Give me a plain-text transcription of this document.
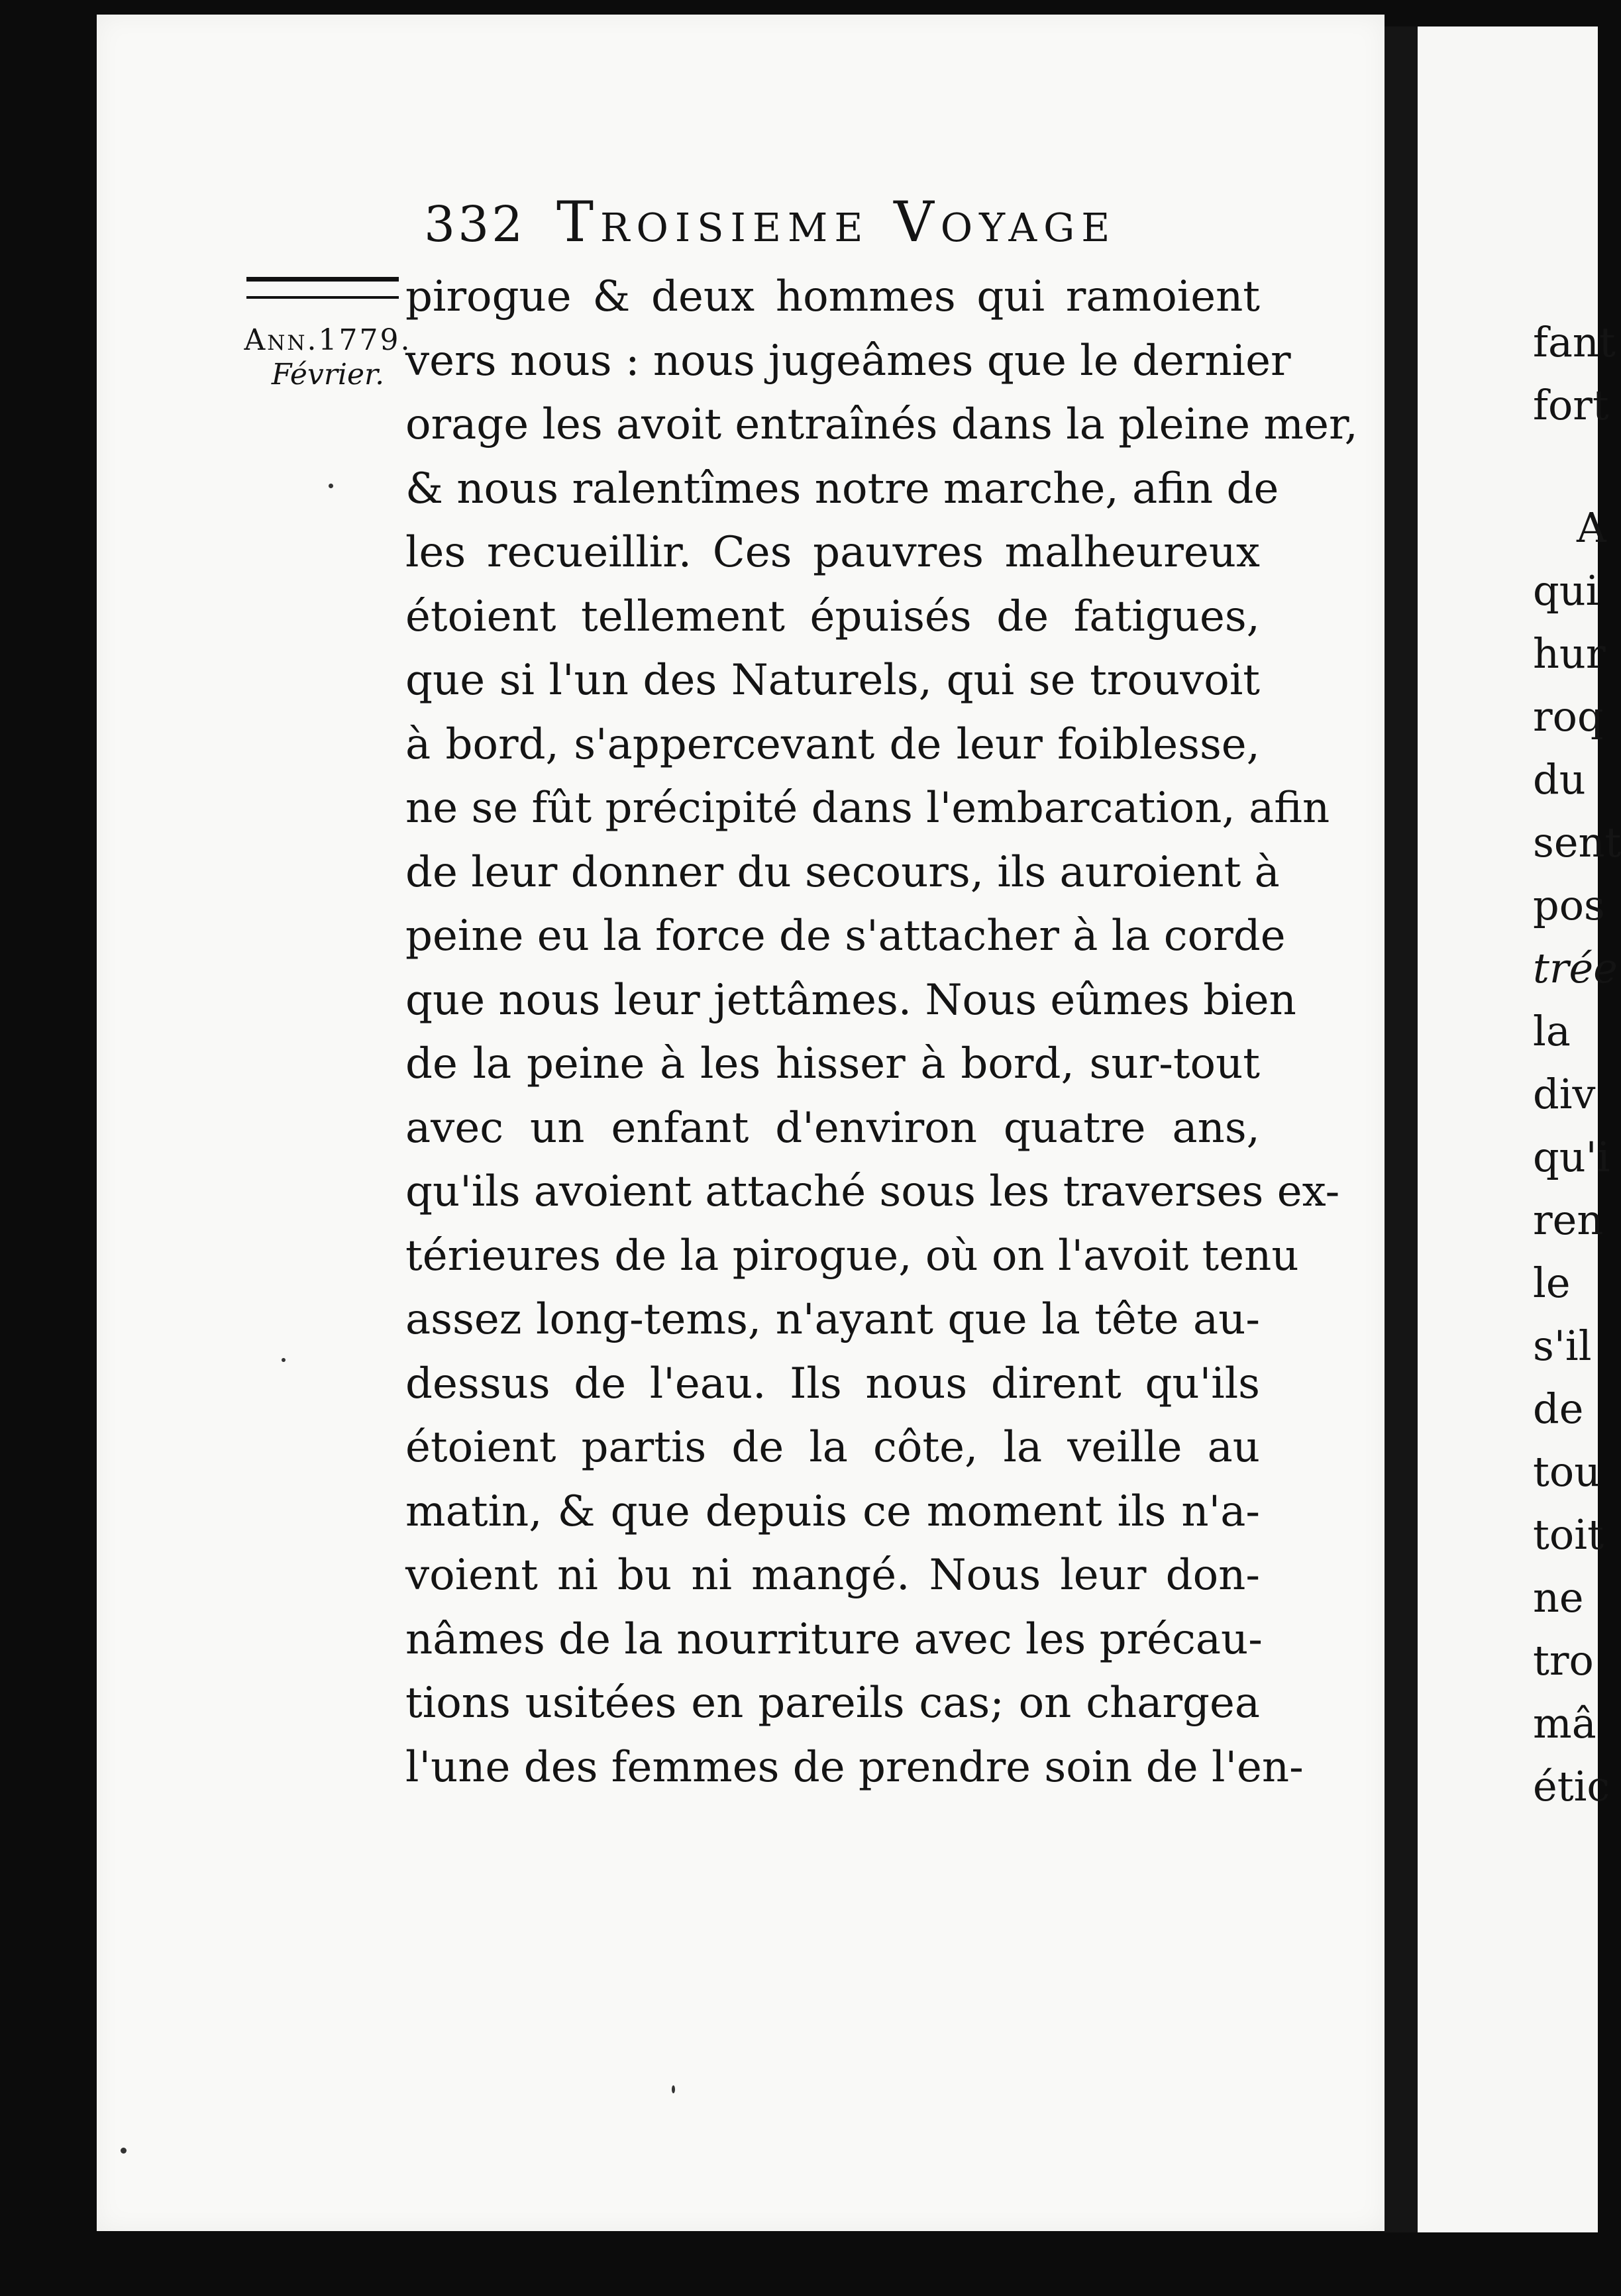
332 Troisieme Voyage
Ann.1779.
Février.
pirogue & deux hommes qui ramoient
vers nous : nous jugeâmes que le dernier
orage les avoit entraînés dans la pleine mer,
& nous ralentîmes notre marche, afin de
les recueillir. Ces pauvres malheureux
étoient tellement épuisés de fatigues,
que si l'un des Naturels, qui se trouvoit
à bord, s'appercevant de leur foiblesse,
ne se fût précipité dans l'embarcation, afin
de leur donner du secours, ils auroient à
peine eu la force de s'attacher à la corde
que nous leur jettâmes. Nous eûmes bien
de la peine à les hisser à bord, sur-tout
avec un enfant d'environ quatre ans,
qu'ils avoient attaché sous les traverses ex-
térieures de la pirogue, où on l'avoit tenu
assez long-tems, n'ayant que la tête au-
dessus de l'eau. Ils nous dirent qu'ils
étoient partis de la côte, la veille au
matin, & que depuis ce moment ils n'a-
voient ni bu ni mangé. Nous leur don-
nâmes de la nourriture avec les précau-
tions usitées en pareils cas; on chargea
l'une des femmes de prendre soin de l'en-
fant
fort
A
qui
hur
roq
du
sent
pos
trée
la
div
qu'i
ren
le
s'il
de
tou
toit
ne
tro
mâ
étic
